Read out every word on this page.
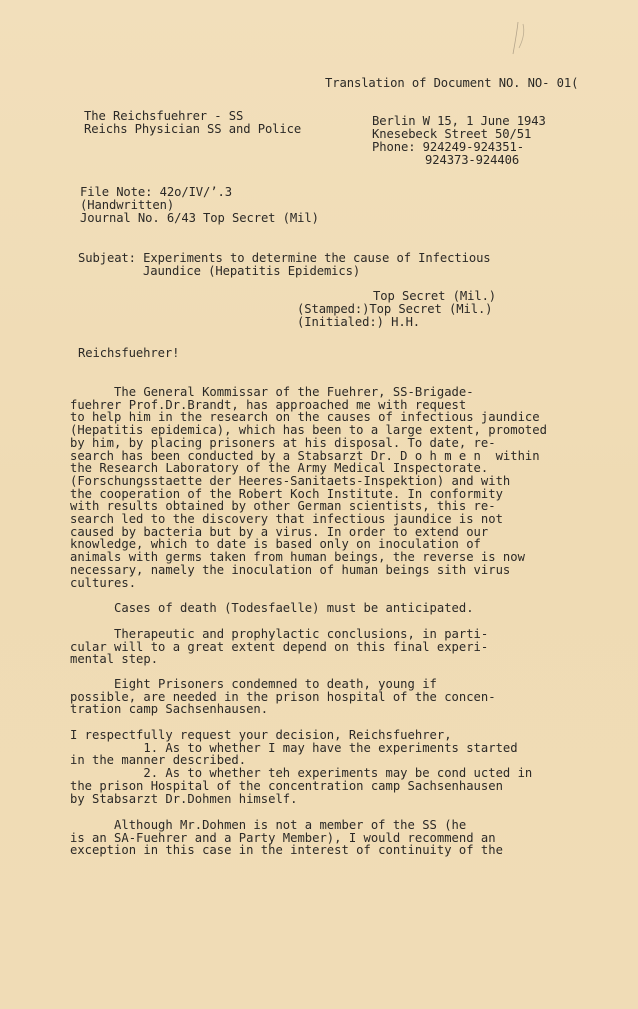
Translation of Document NO. NO- 01(
The Reichsfuehrer - SS
Reichs Physician SS and Police
Berlin W 15, 1 June 1943
Knesebeck Street 50/51
Phone: 924249-924351-
924373-924406
File Note: 42o/IV/’.3
(Handwritten)
Journal No. 6/43 Top Secret (Mil)
Subjeat: Experiments to determine the cause of Infectious
Jaundice (Hepatitis Epidemics)
Top Secret (Mil.)
(Stamped:)Top Secret (Mil.)
(Initialed:) H.H.
Reichsfuehrer!
The General Kommissar of the Fuehrer, SS-Brigade-
fuehrer Prof.Dr.Brandt, has approached me with request
to help him in the research on the causes of infectious jaundice
(Hepatitis epidemica), which has been to a large extent, promoted
by him, by placing prisoners at his disposal. To date, re-
search has been conducted by a Stabsarzt Dr. D o h m e n  within
the Research Laboratory of the Army Medical Inspectorate.
(Forschungsstaette der Heeres-Sanitaets-Inspektion) and with
the cooperation of the Robert Koch Institute. In conformity
with results obtained by other German scientists, this re-
search led to the discovery that infectious jaundice is not
caused by bacteria but by a virus. In order to extend our
knowledge, which to date is based only on inoculation of
animals with germs taken from human beings, the reverse is now
necessary, namely the inoculation of human beings sith virus
cultures.
Cases of death (Todesfaelle) must be anticipated.
Therapeutic and prophylactic conclusions, in parti-
cular will to a great extent depend on this final experi-
mental step.
Eight Prisoners condemned to death, young if
possible, are needed in the prison hospital of the concen-
tration camp Sachsenhausen.
I respectfully request your decision, Reichsfuehrer,
1. As to whether I may have the experiments started
in the manner described.
2. As to whether teh experiments may be cond ucted in
the prison Hospital of the concentration camp Sachsenhausen
by Stabsarzt Dr.Dohmen himself.
Although Mr.Dohmen is not a member of the SS (he
is an SA-Fuehrer and a Party Member), I would recommend an
exception in this case in the interest of continuity of the
